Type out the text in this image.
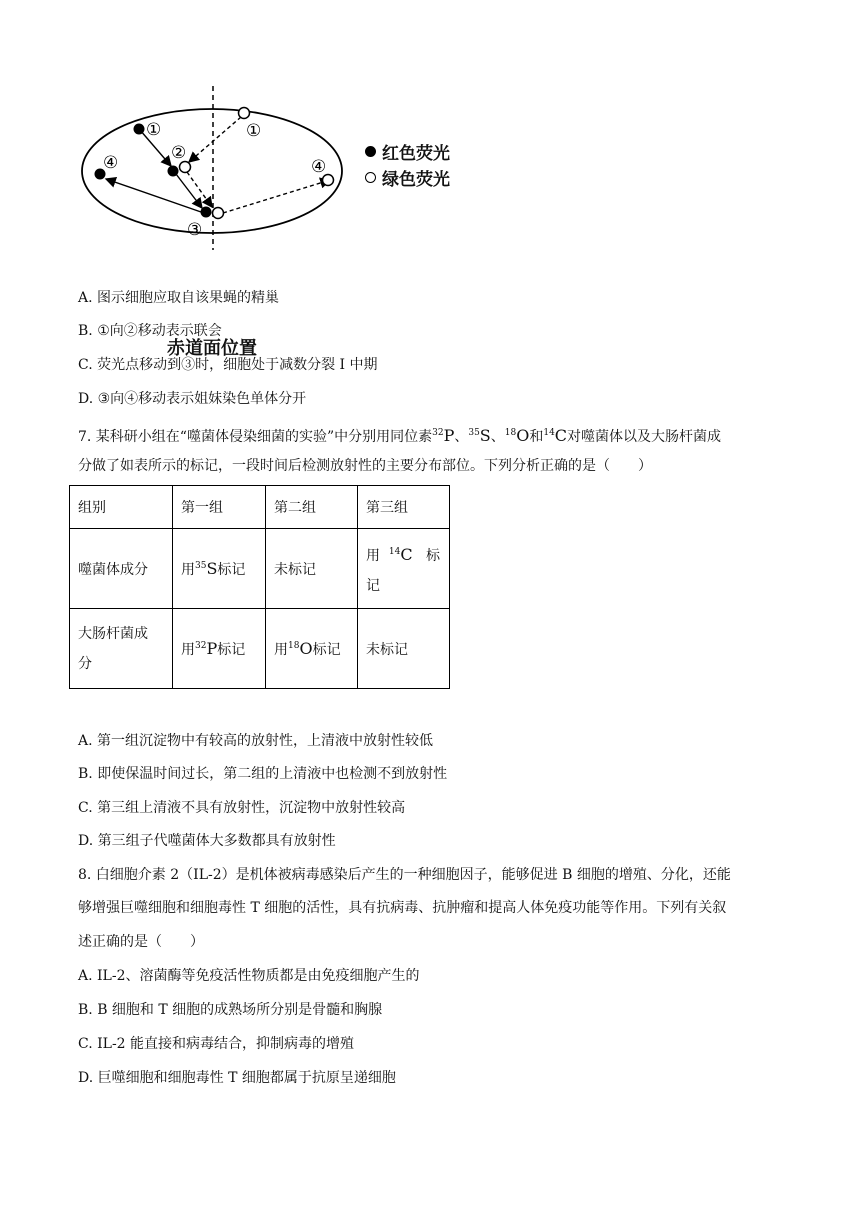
①
②
③
④
①
④
红色荧光
绿色荧光
赤道面位置
A. 图示细胞应取自该果蝇的精巢
B. ①向②移动表示联会
C. 荧光点移动到③时，细胞处于减数分裂 I 中期
D. ③向④移动表示姐妹染色单体分开
7. 某科研小组在“噬菌体侵染细菌的实验”中分别用同位素$^{32}$P、$^{35}$S、$^{18}$O和$^{14}$C对噬菌体以及大肠杆菌成
分做了如表所示的标记，一段时间后检测放射性的主要分布部位。下列分析正确的是（　　）
组别	第一组	第二组	第三组
噬菌体成分	用$^{35}$S标记	未标记	用 $^{14}$C 标
记
大肠杆菌成
分	用$^{32}$P标记	用$^{18}$O标记	未标记
A. 第一组沉淀物中有较高的放射性，上清液中放射性较低
B. 即使保温时间过长，第二组的上清液中也检测不到放射性
C. 第三组上清液不具有放射性，沉淀物中放射性较高
D. 第三组子代噬菌体大多数都具有放射性
8. 白细胞介素 2（IL-2）是机体被病毒感染后产生的一种细胞因子，能够促进 B 细胞的增殖、分化，还能
够增强巨噬细胞和细胞毒性 T 细胞的活性，具有抗病毒、抗肿瘤和提高人体免疫功能等作用。下列有关叙
述正确的是（　　）
A. IL-2、溶菌酶等免疫活性物质都是由免疫细胞产生的
B. B 细胞和 T 细胞的成熟场所分别是骨髓和胸腺
C. IL-2 能直接和病毒结合，抑制病毒的增殖
D. 巨噬细胞和细胞毒性 T 细胞都属于抗原呈递细胞
